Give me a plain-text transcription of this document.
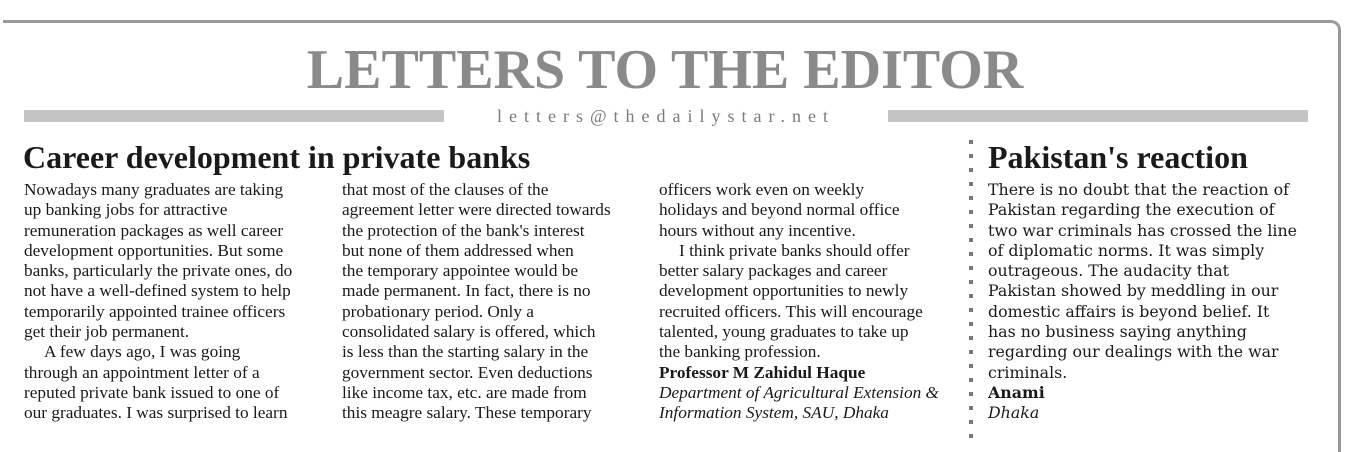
LETTERS TO THE EDITOR
letters@thedailystar.net
Career development in private banks
Nowadays many graduates are taking
up banking jobs for attractive
remuneration packages as well career
development opportunities. But some
banks, particularly the private ones, do
not have a well-defined system to help
temporarily appointed trainee officers
get their job permanent.
A few days ago, I was going
through an appointment letter of a
reputed private bank issued to one of
our graduates. I was surprised to learn
that most of the clauses of the
agreement letter were directed towards
the protection of the bank's interest
but none of them addressed when
the temporary appointee would be
made permanent. In fact, there is no
probationary period. Only a
consolidated salary is offered, which
is less than the starting salary in the
government sector. Even deductions
like income tax, etc. are made from
this meagre salary. These temporary
officers work even on weekly
holidays and beyond normal office
hours without any incentive.
I think private banks should offer
better salary packages and career
development opportunities to newly
recruited officers. This will encourage
talented, young graduates to take up
the banking profession.
Professor M Zahidul Haque
Department of Agricultural Extension &
Information System, SAU, Dhaka
Pakistan's reaction
There is no doubt that the reaction of
Pakistan regarding the execution of
two war criminals has crossed the line
of diplomatic norms. It was simply
outrageous. The audacity that
Pakistan showed by meddling in our
domestic affairs is beyond belief. It
has no business saying anything
regarding our dealings with the war
criminals.
Anami
Dhaka
